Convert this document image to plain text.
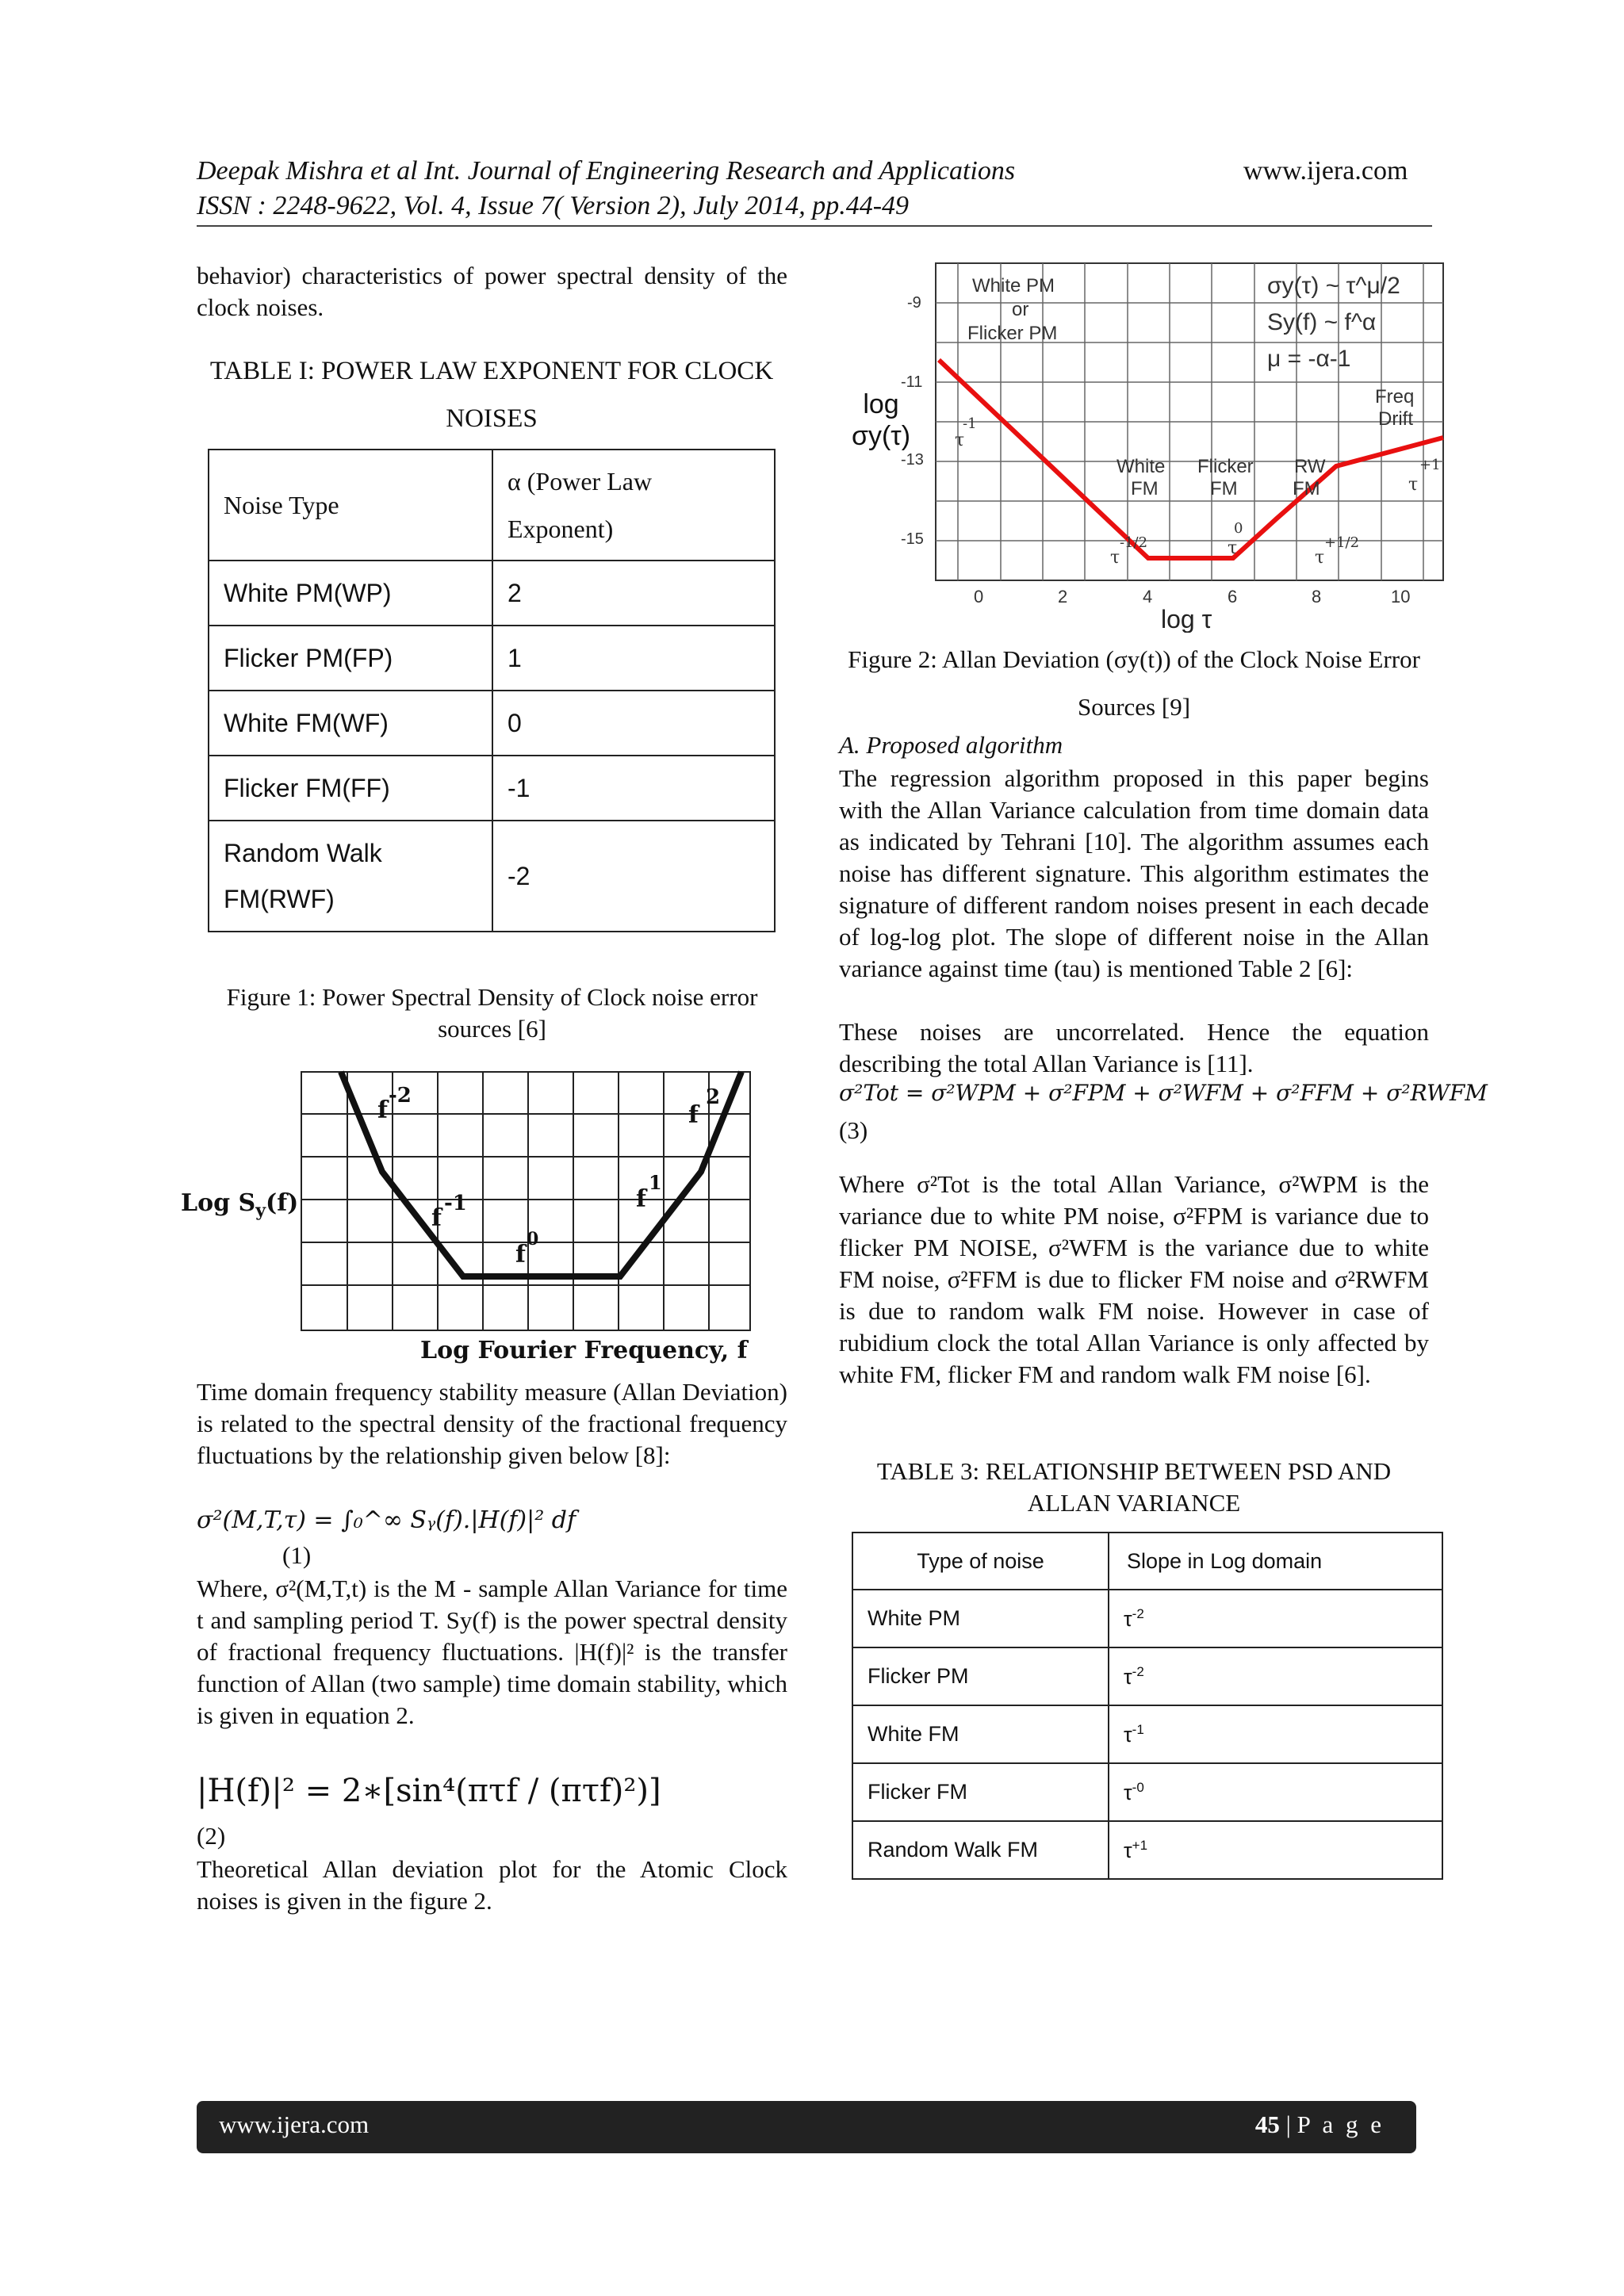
Deepak Mishra et al Int. Journal of Engineering Research and Applications
ISSN : 2248-9622, Vol. 4, Issue 7( Version 2), July 2014, pp.44-49
www.ijera.com
behavior) characteristics of power spectral density of the clock noises.
TABLE I: POWER LAW EXPONENT FOR CLOCK
NOISES
Noise Type	α (Power Law Exponent)
White PM(WP)	2
Flicker PM(FP)	1
White FM(WF)	0
Flicker FM(FF)	-1
Random Walk FM(RWF)	-2
Figure 1: Power Spectral Density of Clock noise error sources [6]
Log $S_y(f)$
f
-2
f
-1
f
0
f
1
f
2
Log Fourier Frequency, f
Time domain frequency stability measure (Allan Deviation) is related to the spectral density of the fractional frequency fluctuations by the relationship given below [8]:
σ²(M,T,τ) = ∫₀^∞ Sᵧ(f).|H(f)|² df
(1)
Where, σ²(M,T,t) is the M - sample Allan Variance for time t and sampling period T. Sy(f) is the power spectral density of fractional frequency fluctuations. |H(f)|² is the transfer function of Allan (two sample) time domain stability, which is given in equation 2.
|H(f)|² = 2∗[sin⁴(πτf / (πτf)²)]
(2)
Theoretical Allan deviation plot for the Atomic Clock noises is given in the figure 2.
log
σy(τ)
-9
-11
-13
-15
0	2	4	6	8	10
log τ
σy(τ) ~ τ^μ/2
Sy(f) ~ f^α
μ = -α-1
White PM
or
Flicker PM
White
FM
Flicker
FM
RW
FM
Freq
Drift
τ
-1
τ
-1/2	τ
0
τ
+1/2
τ
+1
Figure 2: Allan Deviation (σy(t)) of the Clock Noise Error Sources [9]
A. Proposed algorithm
The regression algorithm proposed in this paper begins with the Allan Variance calculation from time domain data as indicated by Tehrani [10]. The algorithm assumes each noise has different signature. This algorithm estimates the signature of different random noises present in each decade of log-log plot. The slope of different noise in the Allan variance against time (tau) is mentioned Table 2 [6]:
These noises are uncorrelated. Hence the equation describing the total Allan Variance is [11].
σ²Tot = σ²WPM + σ²FPM + σ²WFM + σ²FFM + σ²RWFM
(3)
Where σ²Tot is the total Allan Variance, σ²WPM is the variance due to white PM noise, σ²FPM is variance due to flicker PM NOISE, σ²WFM is the variance due to white FM noise, σ²FFM is due to flicker FM noise and σ²RWFM is due to random walk FM noise. However in case of rubidium clock the total Allan Variance is only affected by white FM, flicker FM and random walk FM noise [6].
TABLE 3: RELATIONSHIP BETWEEN PSD AND ALLAN VARIANCE
Type of noise	Slope in Log domain
White PM	$\tau^{-2}$
Flicker PM	$\tau^{-2}$
White FM	$\tau^{-1}$
Flicker FM	$\tau^{-0}$
Random Walk FM	$\tau^{+1}$
www.ijera.com	45 | P a g e
